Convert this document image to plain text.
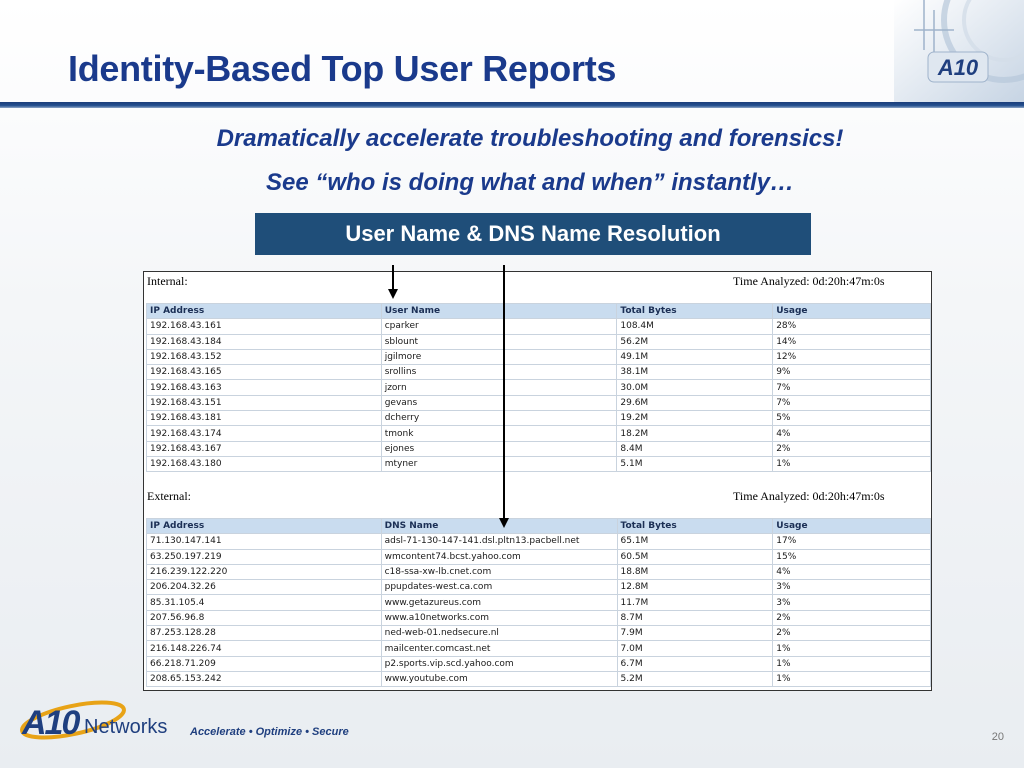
A10
Identity-Based Top User Reports
Dramatically accelerate troubleshooting and forensics!
See “who is doing what and when” instantly…
User Name & DNS Name Resolution
Internal:	Time Analyzed: 0d:20h:47m:0s
IP Address	User Name	Total Bytes	Usage
192.168.43.161	cparker	108.4M	28%
192.168.43.184	sblount	56.2M	14%
192.168.43.152	jgilmore	49.1M	12%
192.168.43.165	srollins	38.1M	9%
192.168.43.163	jzorn	30.0M	7%
192.168.43.151	gevans	29.6M	7%
192.168.43.181	dcherry	19.2M	5%
192.168.43.174	tmonk	18.2M	4%
192.168.43.167	ejones	8.4M	2%
192.168.43.180	mtyner	5.1M	1%
External:	Time Analyzed: 0d:20h:47m:0s
IP Address	DNS Name	Total Bytes	Usage
71.130.147.141	adsl-71-130-147-141.dsl.pltn13.pacbell.net	65.1M	17%
63.250.197.219	wmcontent74.bcst.yahoo.com	60.5M	15%
216.239.122.220	c18-ssa-xw-lb.cnet.com	18.8M	4%
206.204.32.26	ppupdates-west.ca.com	12.8M	3%
85.31.105.4	www.getazureus.com	11.7M	3%
207.56.96.8	www.a10networks.com	8.7M	2%
87.253.128.28	ned-web-01.nedsecure.nl	7.9M	2%
216.148.226.74	mailcenter.comcast.net	7.0M	1%
66.218.71.209	p2.sports.vip.scd.yahoo.com	6.7M	1%
208.65.153.242	www.youtube.com	5.2M	1%
A10 Networks Accelerate • Optimize • Secure	20
